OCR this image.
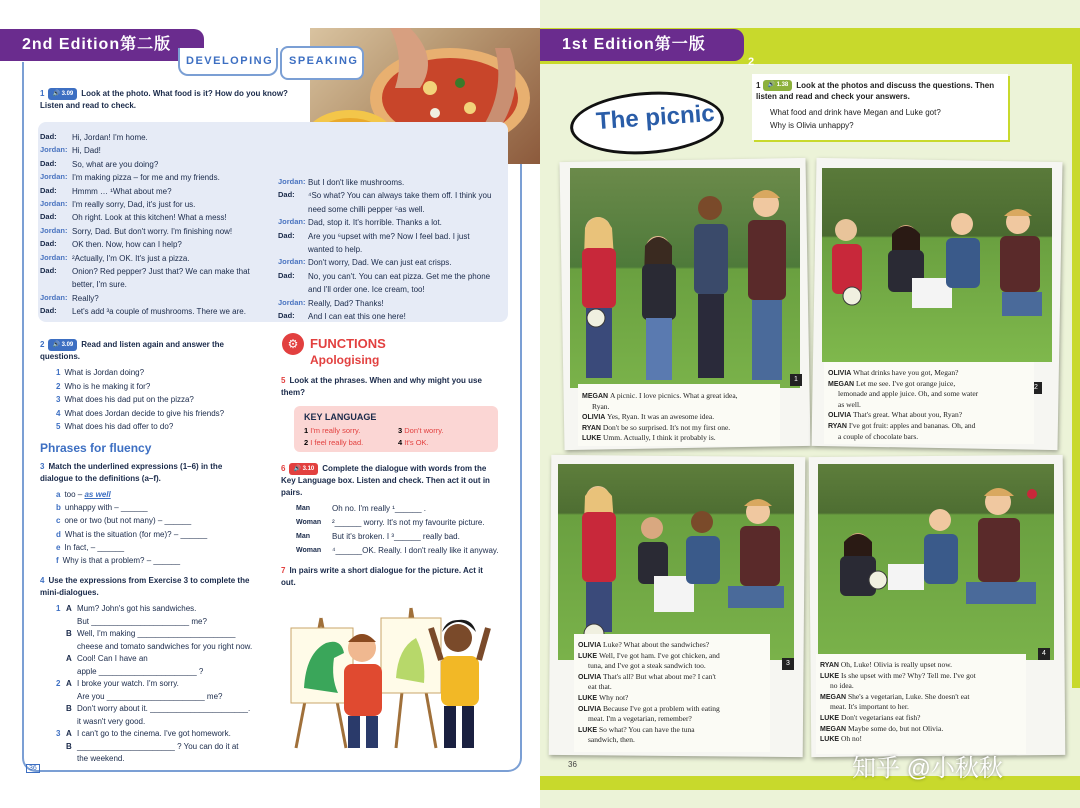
2nd Edition第二版
DEVELOPING SPEAKING
1 🔊 3.09 Look at the photo. What food is it? How do you know? Listen and read to check.
Dad: Hi, Jordan! I'm home.
Jordan: Hi, Dad!
Dad: So, what are you doing?
Jordan: I'm making pizza – for me and my friends.
Dad: Hmmm … ¹What about me?
Jordan: I'm really sorry, Dad, it's just for us.
Dad: Oh right. Look at this kitchen! What a mess!
Jordan: Sorry, Dad. But don't worry. I'm finishing now!
Dad: OK then. Now, how can I help?
Jordan: ²Actually, I'm OK. It's just a pizza.
Dad: Onion? Red pepper? Just that? We can make that
better, I'm sure.
Jordan: Really?
Dad: Let's add ³a couple of mushrooms. There we are.
Jordan: But I don't like mushrooms.
Dad: ⁴So what? You can always take them off. I think you
need some chilli pepper ⁵as well.
Jordan: Dad, stop it. It's horrible. Thanks a lot.
Dad: Are you ⁶upset with me? Now I feel bad. I just
wanted to help.
Jordan: Don't worry, Dad. We can just eat crisps.
Dad: No, you can't. You can eat pizza. Get me the phone
and I'll order one. Ice cream, too!
Jordan: Really, Dad? Thanks!
Dad: And I can eat this one here!
2 🔊 3.09 Read and listen again and answer the questions.
1 What is Jordan doing?
2 Who is he making it for?
3 What does his dad put on the pizza?
4 What does Jordan decide to give his friends?
5 What does his dad offer to do?
Phrases for fluency
3 Match the underlined expressions (1–6) in the dialogue to the definitions (a–f).
a too – as well
b unhappy with – ______
c one or two (but not many) – ______
d What is the situation (for me)? – ______
e In fact, – ______
f Why is that a problem? – ______
4 Use the expressions from Exercise 3 to complete the mini-dialogues.
1 A Mum? John's got his sandwiches.
But ______________________ me?
B Well, I'm making ______________________
cheese and tomato sandwiches for you right now.
A Cool! Can I have an
apple ______________________ ?
2 A I broke your watch. I'm sorry.
Are you ______________________ me?
B Don't worry about it. ______________________.
it wasn't very good.
3 A I can't go to the cinema. I've got homework.
B ______________________ ? You can do it at
the weekend.
⚙ FUNCTIONS
Apologising
5 Look at the phrases. When and why might you use them?
KEY LANGUAGE
1 I'm really sorry.
2 I feel really bad.
3 Don't worry.
4 It's OK.
6 🔊 3.10 Complete the dialogue with words from the Key Language box. Listen and check. Then act it out in pairs.
Man	Oh no. I'm really ¹______ .
Woman ²______ worry. It's not my favourite picture.
Man	But it's broken. I ³______ really bad.
Woman ⁴______OK. Really. I don't really like it anyway.
7 In pairs write a short dialogue for the picture. Act it out.
36
1st Edition第一版
2
The picnic
1 🔊 1.38 Look at the photos and discuss the questions. Then listen and read and check your answers.
What food and drink have Megan and Luke got?
Why is Olivia unhappy?
1
2
3
4
MEGAN A picnic. I love picnics. What a great idea,
Ryan.
OLIVIA Yes, Ryan. It was an awesome idea.
RYAN Don't be so surprised. It's not my first one.
LUKE Umm. Actually, I think it probably is.
OLIVIA What drinks have you got, Megan?
MEGAN Let me see. I've got orange juice,
lemonade and apple juice. Oh, and some water
as well.
OLIVIA That's great. What about you, Ryan?
RYAN I've got fruit: apples and bananas. Oh, and
a couple of chocolate bars.
OLIVIA Luke? What about the sandwiches?
LUKE Well, I've got ham. I've got chicken, and
tuna, and I've got a steak sandwich too.
OLIVIA That's all? But what about me? I can't
eat that.
LUKE Why not?
OLIVIA Because I've got a problem with eating
meat. I'm a vegetarian, remember?
LUKE So what? You can have the tuna
sandwich, then.
RYAN Oh, Luke! Olivia is really upset now.
LUKE Is she upset with me? Why? Tell me. I've got
no idea.
MEGAN She's a vegetarian, Luke. She doesn't eat
meat. It's important to her.
LUKE Don't vegetarians eat fish?
MEGAN Maybe some do, but not Olivia.
LUKE Oh no!
36	知乎 @小秋秋
